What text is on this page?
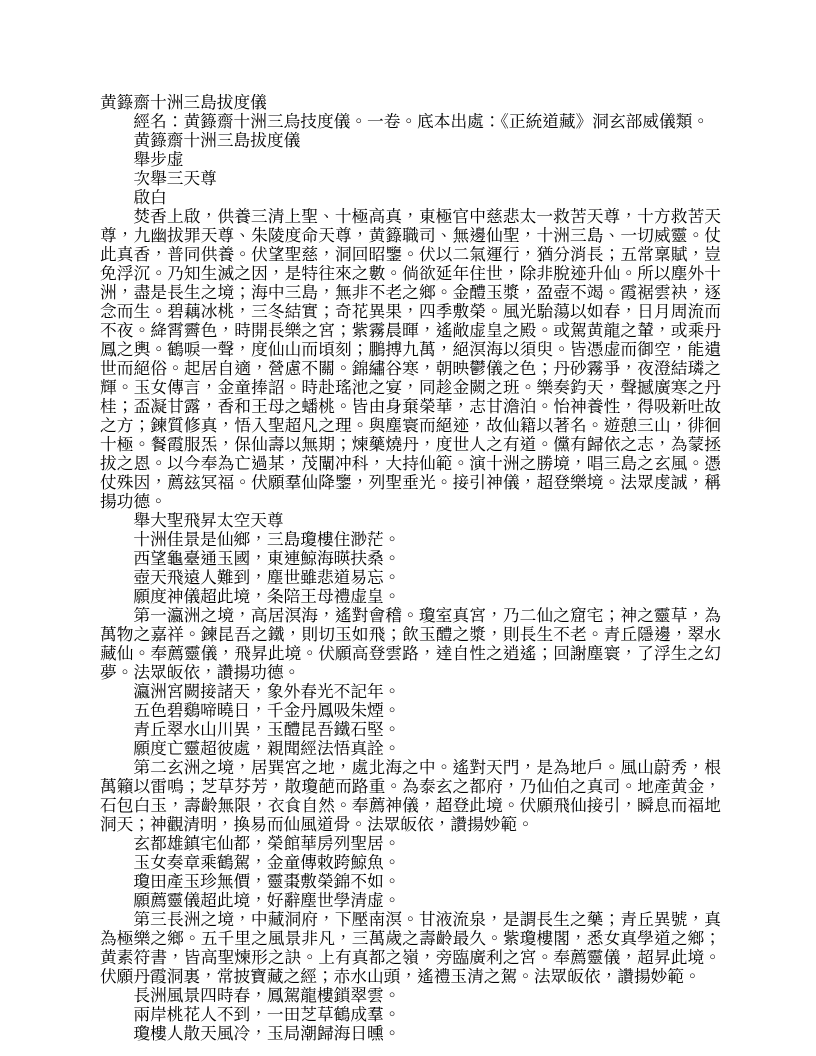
黄籙齋十洲三島拔度儀
經名：黄籙齋十洲三烏技度儀。一卷。底本出處：《正統道藏》洞玄部威儀類。
黄籙齋十洲三島拔度儀
舉步虚
次舉三天尊
啟白
焚香上啟，供養三清上聖、十極高真，東極官中慈悲太一救苦天尊，十方救苦天尊，九幽拔罪天尊、朱陵度命天尊，黄籙職司、無邊仙聖，十洲三島、一切威靈。仗此真香，普同供養。伏望聖慈，洞回昭鑒。伏以二氣運行，猶分消長；五常稟賦，豈免浮沉。乃知生滅之因，是特往來之數。倘欲延年住世，除非脫迹升仙。所以塵外十洲，盡是長生之境；海中三島，無非不老之鄉。金醴玉漿，盈壺不竭。霞裾雲袂，逐念而生。碧藕冰桃，三冬結實；奇花異果，四季敷榮。風光駘蕩以如春，日月周流而不夜。絳霄霽色，時開長樂之宮；紫霧晨暉，遙敞虚皇之殿。或駕黄龍之輦，或乘丹鳳之輿。鶴唳一聲，度仙山而頃刻；鵬搏九萬，絕溟海以須臾。皆憑虚而御空，能遺世而絕俗。起居自適，營慮不關。錦繡谷寒，朝映鬱儀之色；丹砂霧爭，夜澄結璘之輝。玉女傳言，金童捧詔。時赴瑤池之宴，同趁金闕之班。樂奏鈞天，聲撼廣寒之丹桂；盃凝甘露，香和王母之蟠桃。皆由身棄榮華，志甘澹泊。怡神養性，得吸新吐故之方；鍊質修真，悟入聖超凡之理。與塵寰而絕迹，故仙籍以著名。遊憩三山，徘徊十極。餐霞服炁，保仙壽以無期；煉藥燒丹，度世人之有道。儻有歸依之志，為蒙拯拔之恩。以今奉為亡過某，茂闡冲科，大持仙範。演十洲之勝境，唱三島之玄風。憑仗殊因，薦玆冥福。伏願羣仙降鑒，列聖垂光。接引神儀，超登樂境。法眾虔誠，稱揚功德。
舉大聖飛昇太空天尊
十洲佳景是仙鄉，三島瓊樓住渺茫。
西望龜臺通玉國，東連鯨海暎扶桑。
壺天飛遠人難到，塵世雖悲道易忘。
願度神儀超此境，条陪王母禮虚皇。
第一瀛洲之境，高居溟海，遙對會稽。瓊室真宮，乃二仙之窟宅；神之靈草，為萬物之嘉祥。鍊昆吾之鐵，則切玉如飛；飲玉醴之漿，則長生不老。青丘隱邊，翠水藏仙。奉薦靈儀，飛昇此境。伏願高登雲路，達自性之逍遙；回謝塵寰，了浮生之幻夢。法眾皈依，讚揚功德。
瀛洲宮闕接諸天，象外春光不記年。
五色碧鷄啼曉日，千金丹鳳吸朱煙。
青丘翠水山川異，玉醴昆吾鐵石堅。
願度亡靈超彼處，親聞經法悟真詮。
第二玄洲之境，居巽宮之地，處北海之中。遙對天門，是為地戶。風山蔚秀，根萬籟以雷鳴；芝草芬芳，散瓊葩而路重。為泰玄之都府，乃仙伯之真司。地產黄金，石包白玉，壽齡無限，衣食自然。奉薦神儀，超登此境。伏願飛仙接引，瞬息而福地洞天；神觀清明，換易而仙風道骨。法眾皈依，讚揚妙範。
玄都雄鎮宅仙都，榮館華房列聖居。
玉女奏章乘鶴駕，金童傳敕跨鯨魚。
瓊田產玉珍無價，靈棗敷榮錦不如。
願薦靈儀超此境，好辭塵世學清虚。
第三長洲之境，中藏洞府，下壓南溟。甘液流泉，是謂長生之藥；青丘異號，真為極樂之鄉。五千里之風景非凡，三萬歲之壽齡最久。紫瓊樓閣，悉女真學道之鄉；黄素符書，皆高聖煉形之訣。上有真都之嶺，旁臨廣利之宮。奉薦靈儀，超昇此境。伏願丹霞洞裏，常披寶藏之經；赤水山頭，遙禮玉清之駕。法眾皈依，讚揚妙範。
長洲風景四時春，鳳駕龍樓鎖翠雲。
兩岸桃花人不到，一田芝草鶴成羣。
瓊樓人散天風冷，玉局潮歸海日曛。
